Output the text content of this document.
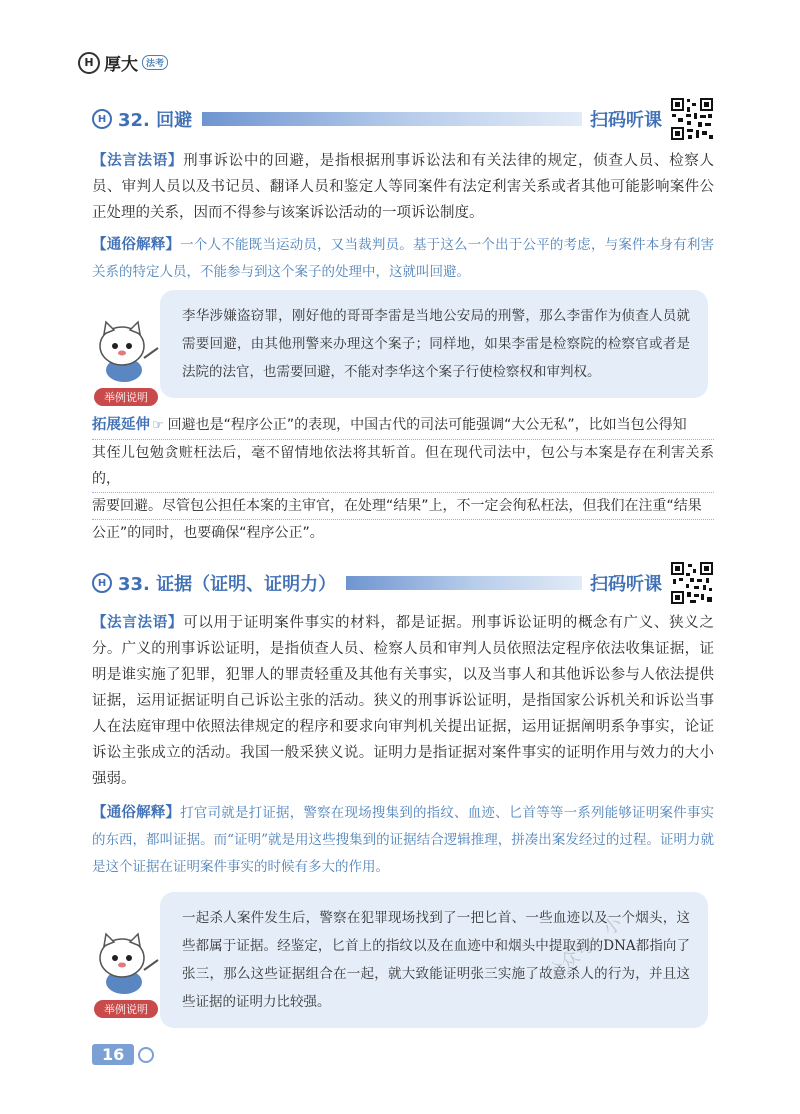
H 厚大 法考
H 32. 回避	扫码听课
【法言法语】刑事诉讼中的回避，是指根据刑事诉讼法和有关法律的规定，侦查人员、检察人员、审判人员以及书记员、翻译人员和鉴定人等同案件有法定利害关系或者其他可能影响案件公正处理的关系，因而不得参与该案诉讼活动的一项诉讼制度。
【通俗解释】一个人不能既当运动员，又当裁判员。基于这么一个出于公平的考虑，与案件本身有利害关系的特定人员，不能参与到这个案子的处理中，这就叫回避。
举例说明
李华涉嫌盗窃罪，刚好他的哥哥李雷是当地公安局的刑警，那么李雷作为侦查人员就需要回避，由其他刑警来办理这个案子；同样地，如果李雷是检察院的检察官或者是法院的法官，也需要回避，不能对李华这个案子行使检察权和审判权。
拓展延伸 ☞ 回避也是“程序公正”的表现，中国古代的司法可能强调“大公无私”，比如当包公得知
其侄儿包勉贪赃枉法后，毫不留情地依法将其斩首。但在现代司法中，包公与本案是存在利害关系的，
需要回避。尽管包公担任本案的主审官，在处理“结果”上，不一定会徇私枉法，但我们在注重“结果
公正”的同时，也要确保“程序公正”。
H 33. 证据（证明、证明力）	扫码听课
【法言法语】可以用于证明案件事实的材料，都是证据。刑事诉讼证明的概念有广义、狭义之分。广义的刑事诉讼证明，是指侦查人员、检察人员和审判人员依照法定程序依法收集证据，证明是谁实施了犯罪，犯罪人的罪责轻重及其他有关事实，以及当事人和其他诉讼参与人依法提供证据，运用证据证明自己诉讼主张的活动。狭义的刑事诉讼证明，是指国家公诉机关和诉讼当事人在法庭审理中依照法律规定的程序和要求向审判机关提出证据，运用证据阐明系争事实，论证诉讼主张成立的活动。我国一般采狭义说。证明力是指证据对案件事实的证明作用与效力的大小强弱。
【通俗解释】打官司就是打证据，警察在现场搜集到的指纹、血迹、匕首等等一系列能够证明案件事实的东西，都叫证据。而“证明”就是用这些搜集到的证据结合逻辑推理，拼凑出案发经过的过程。证明力就是这个证据在证明案件事实的时候有多大的作用。
举例说明
一起杀人案件发生后，警察在犯罪现场找到了一把匕首、一些血迹以及一个烟头，这些都属于证据。经鉴定，匕首上的指纹以及在血迹中和烟头中提取到的DNA都指向了张三，那么这些证据组合在一起，就大致能证明张三实施了故意杀人的行为，并且这些证据的证明力比较强。
公众号：小
16
